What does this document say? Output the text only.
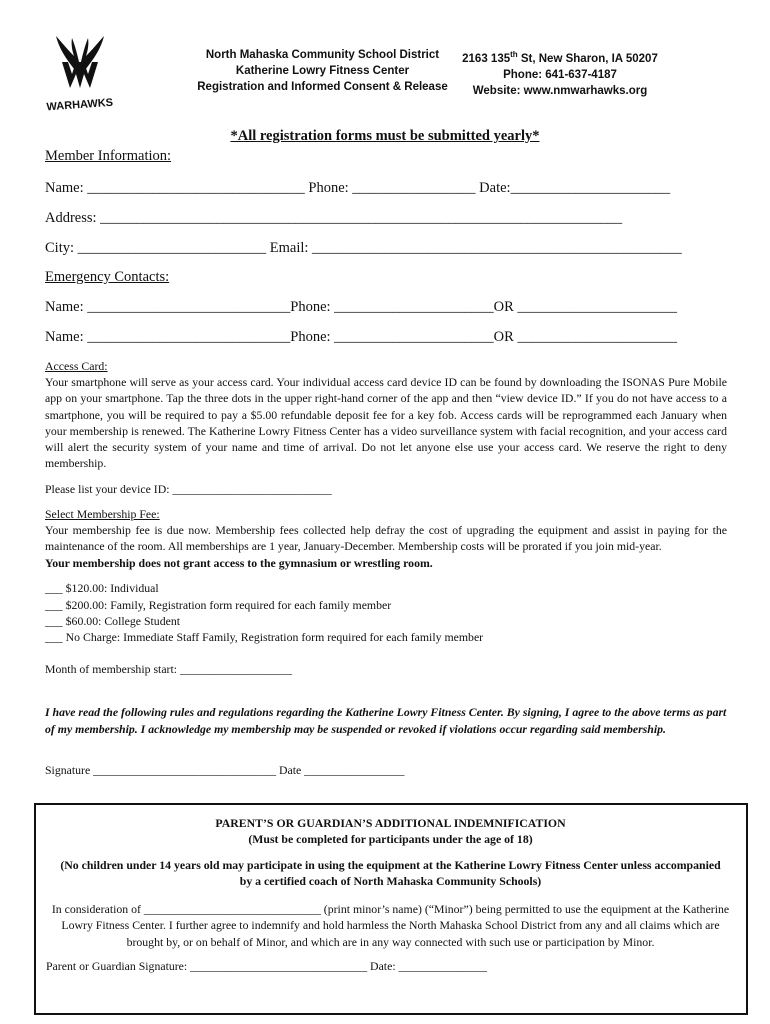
WARHAWKS
North Mahaska Community School District
Katherine Lowry Fitness Center
Registration and Informed Consent & Release
2163 135th St, New Sharon, IA 50207
Phone: 641-637-4187
Website: www.nmwarhawks.org
*All registration forms must be submitted yearly*
Member Information:
Name: ______________________________ Phone: _________________ Date:______________________
Address: ________________________________________________________________________
City: __________________________ Email: ___________________________________________________
Emergency Contacts:
Name: ____________________________Phone: ______________________OR ______________________
Name: ____________________________Phone: ______________________OR ______________________
Access Card:
Your smartphone will serve as your access card. Your individual access card device ID can be found by downloading the ISONAS Pure Mobile app on your smartphone. Tap the three dots in the upper right-hand corner of the app and then “view device ID.” If you do not have access to a smartphone, you will be required to pay a $5.00 refundable deposit fee for a key fob. Access cards will be reprogrammed each January when your membership is renewed. The Katherine Lowry Fitness Center has a video surveillance system with facial recognition, and your access card will alert the security system of your name and time of arrival. Do not let anyone else use your access card. We reserve the right to deny membership.
Please list your device ID: ___________________________
Select Membership Fee:
Your membership fee is due now. Membership fees collected help defray the cost of upgrading the equipment and assist in paying for the maintenance of the room. All memberships are 1 year, January-December. Membership costs will be prorated if you join mid-year.
Your membership does not grant access to the gymnasium or wrestling room.
___ $120.00: Individual
___ $200.00: Family, Registration form required for each family member
___ $60.00: College Student
___ No Charge: Immediate Staff Family, Registration form required for each family member
Month of membership start: ___________________
I have read the following rules and regulations regarding the Katherine Lowry Fitness Center. By signing, I agree to the above terms as part of my membership. I acknowledge my membership may be suspended or revoked if violations occur regarding said membership.
Signature _______________________________ Date _________________
PARENT’S OR GUARDIAN’S ADDITIONAL INDEMNIFICATION
(Must be completed for participants under the age of 18)
(No children under 14 years old may participate in using the equipment at the Katherine Lowry Fitness Center unless accompanied by a certified coach of North Mahaska Community Schools)
In consideration of ______________________________ (print minor’s name) (“Minor”) being permitted to use the equipment at the Katherine Lowry Fitness Center. I further agree to indemnify and hold harmless the North Mahaska School District from any and all claims which are brought by, or on behalf of Minor, and which are in any way connected with such use or participation by Minor.
Parent or Guardian Signature: ______________________________ Date: _______________
